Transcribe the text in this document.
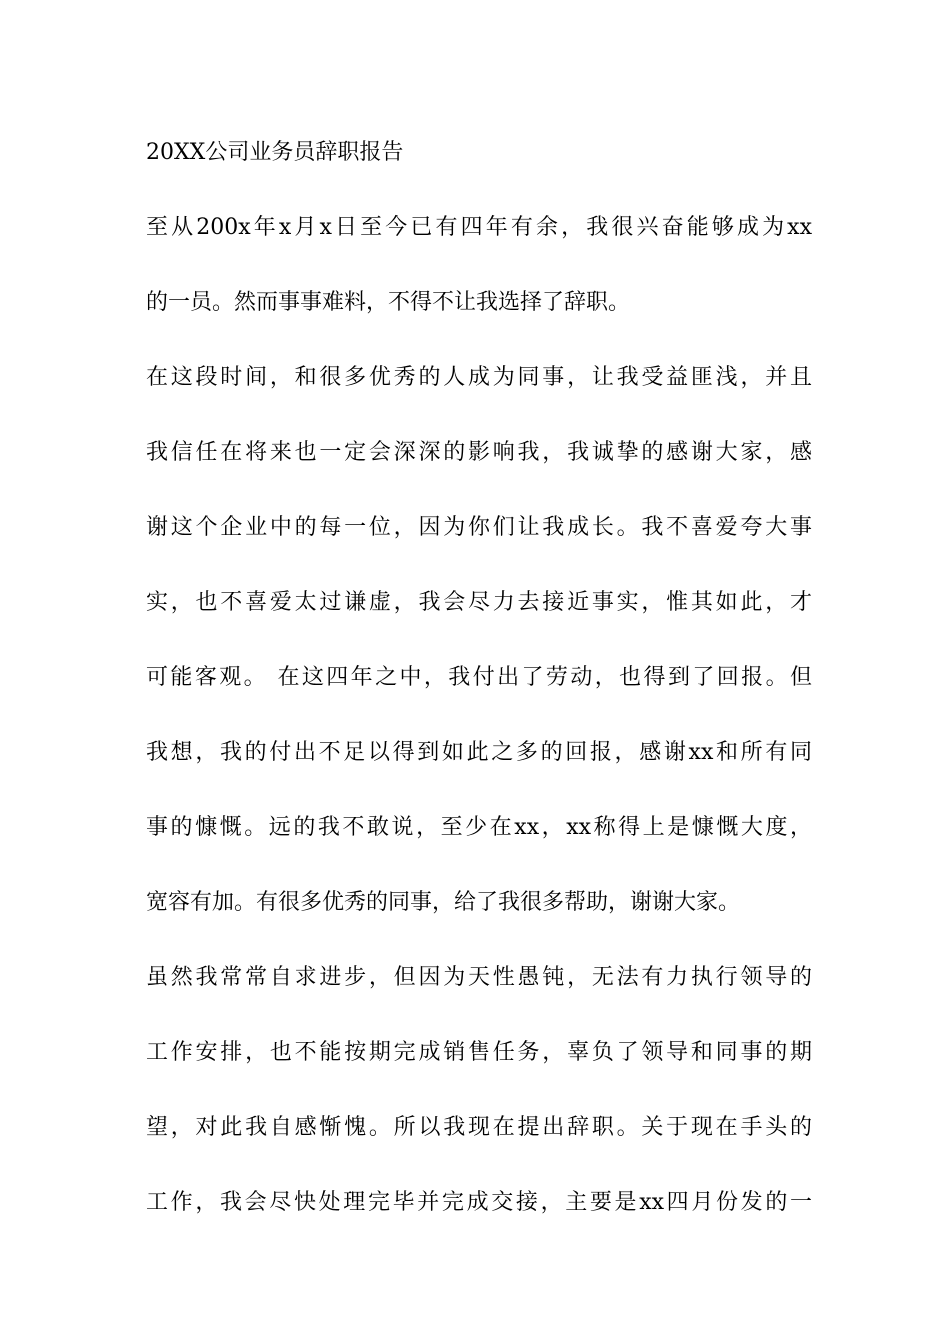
20XX公司业务员辞职报告
至从200x年x月x日至今已有四年有余，我很兴奋能够成为xx
的一员。然而事事难料，不得不让我选择了辞职。
在这段时间，和很多优秀的人成为同事，让我受益匪浅，并且
我信任在将来也一定会深深的影响我，我诚挚的感谢大家，感
谢这个企业中的每一位，因为你们让我成长。我不喜爱夸大事
实，也不喜爱太过谦虚，我会尽力去接近事实，惟其如此，才
可能客观。 在这四年之中，我付出了劳动，也得到了回报。但
我想，我的付出不足以得到如此之多的回报，感谢xx和所有同
事的慷慨。远的我不敢说，至少在xx，xx称得上是慷慨大度，
宽容有加。有很多优秀的同事，给了我很多帮助，谢谢大家。
虽然我常常自求进步，但因为天性愚钝，无法有力执行领导的
工作安排，也不能按期完成销售任务，辜负了领导和同事的期
望，对此我自感惭愧。所以我现在提出辞职。关于现在手头的
工作，我会尽快处理完毕并完成交接，主要是xx四月份发的一
